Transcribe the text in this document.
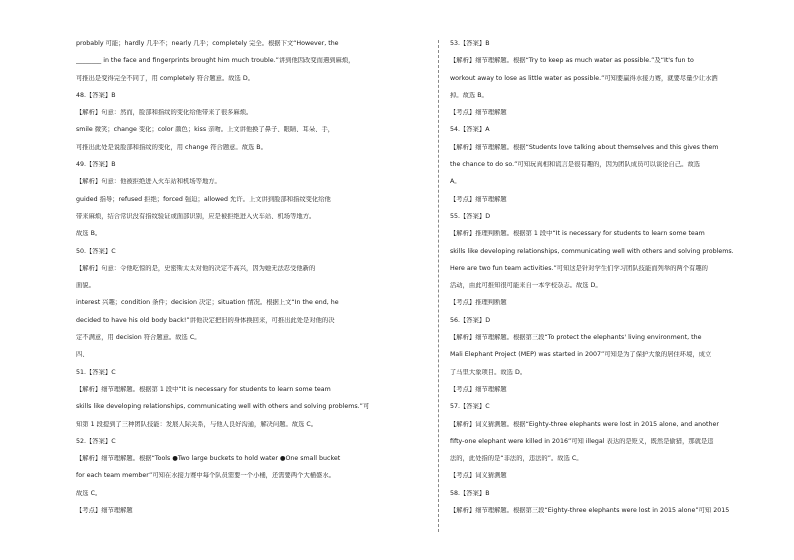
probably 可能；hardly 几乎不；nearly 几乎；completely 完全。根据下文“However, the
________ in the face and fingerprints brought him much trouble.”讲到他因改变而遇到麻烦，
可推出是变得完全不同了，用 completely 符合题意。故选 D。
48.【答案】B
【解析】句意：然而，脸部和指纹的变化给他带来了很多麻烦。
smile 微笑；change 变化；color 颜色；kiss 亲吻。上文讲他换了鼻子、眼睛、耳朵、手，
可推出此处是说脸部和指纹的变化，用 change 符合题意。故选 B。
49.【答案】B
【解析】句意：他被拒绝进入火车站和机场等地方。
guided 指导；refused 拒绝；forced 强迫；allowed 允许。上文讲到脸部和指纹变化给他
带来麻烦，结合常识没有指纹验证或面部识别，应是被拒绝进入火车站、机场等地方。
故选 B。
50.【答案】C
【解析】句意：令他吃惊的是，史密斯太太对他的决定不高兴，因为她无法忍受他新的
面貌。
interest 兴趣；condition 条件；decision 决定；situation 情况。根据上文“In the end, he
decided to have his old body back!”讲他决定把旧的身体换回来，可推出此处是对他的决
定不满意，用 decision 符合题意。故选 C。
四、
51.【答案】C
【解析】细节理解题。根据第 1 段中“It is necessary for students to learn some team
skills like developing relationships, communicating well with others and solving problems.”可
知第 1 段提到了三种团队技能：发展人际关系，与他人良好沟通，解决问题。故选 C。
52.【答案】C
【解析】细节理解题。根据“Tools ●Two large buckets to hold water ●One small bucket
for each team member”可知在水接力赛中每个队员需要一个小桶，还需要两个大桶盛水。
故选 C。
【考点】细节理解题
53.【答案】B
【解析】细节理解题。根据“Try to keep as much water as possible.”及“It's fun to
workout away to lose as little water as possible.”可知要赢得水接力赛，就要尽量少让水洒
掉。故选 B。
【考点】细节理解题
54.【答案】A
【解析】细节理解题。根据“Students love talking about themselves and this gives them
the chance to do so.”可知玩真相和谎言是很有趣的，因为团队成员可以谈论自己。故选
A。
【考点】细节理解题
55.【答案】D
【解析】推理判断题。根据第 1 段中“It is necessary for students to learn some team
skills like developing relationships, communicating well with others and solving problems.
Here are two fun team activities.”可知这是针对学生们学习团队技能而列举的两个有趣的
活动，由此可推知很可能来自一本学校杂志。故选 D。
【考点】推理判断题
56.【答案】D
【解析】细节理解题。根据第三段“To protect the elephants' living environment, the
Mali Elephant Project (MEP) was started in 2007”可知是为了保护大象的居住环境，成立
了马里大象项目。故选 D。
【考点】细节理解题
57.【答案】C
【解析】词义猜测题。根据“Eighty-three elephants were lost in 2015 alone, and another
fifty-one elephant were killed in 2016”可知 illegal 表达的是贬义，既然是偷猎，那就是违
法的，此处指的是“非法的，违法的”。故选 C。
【考点】词义猜测题
58.【答案】B
【解析】细节理解题。根据第三段“Eighty-three elephants were lost in 2015 alone”可知 2015
